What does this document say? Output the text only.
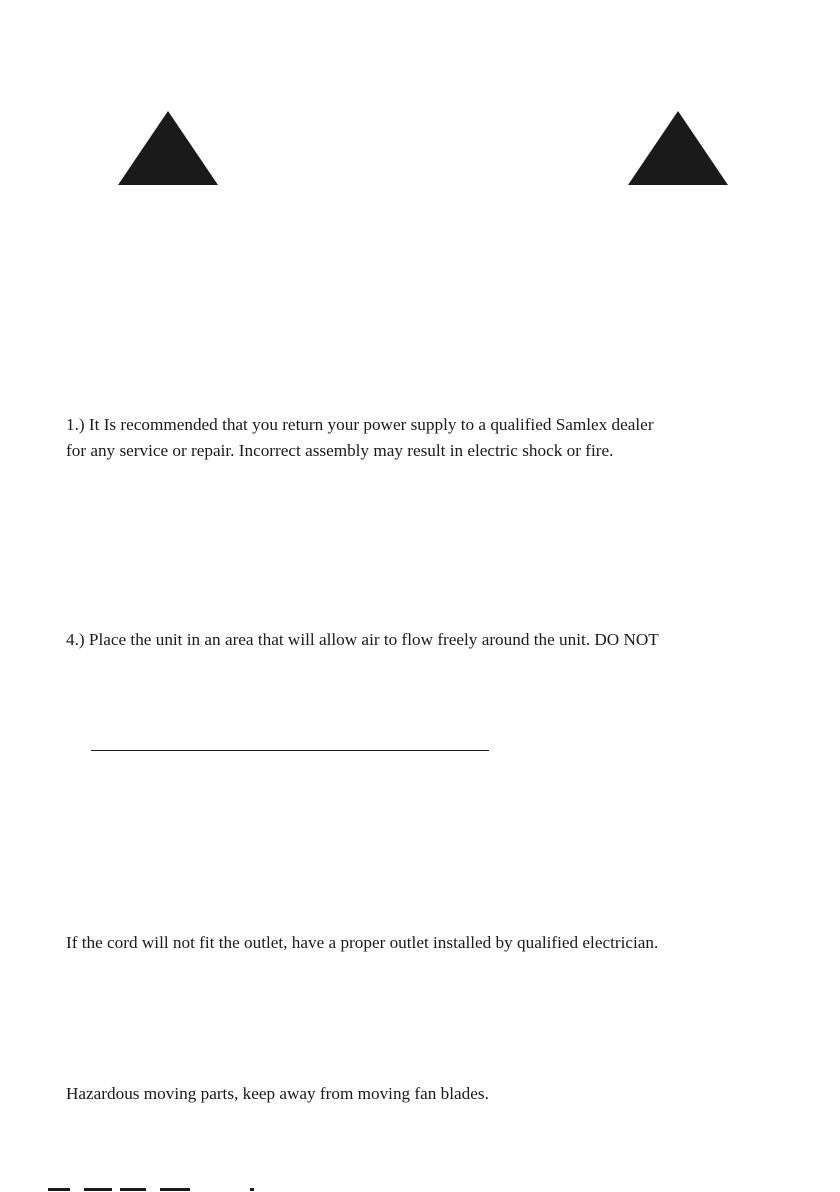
1.) It Is recommended that you return your power supply to a qualified Samlex dealer
for any service or repair. Incorrect assembly may result in electric shock or fire.

4.) Place the unit in an area that will allow air to flow freely around the unit. DO NOT

If the cord will not fit the outlet, have a proper outlet installed by qualified electrician.

Hazardous moving parts, keep away from moving fan blades.
